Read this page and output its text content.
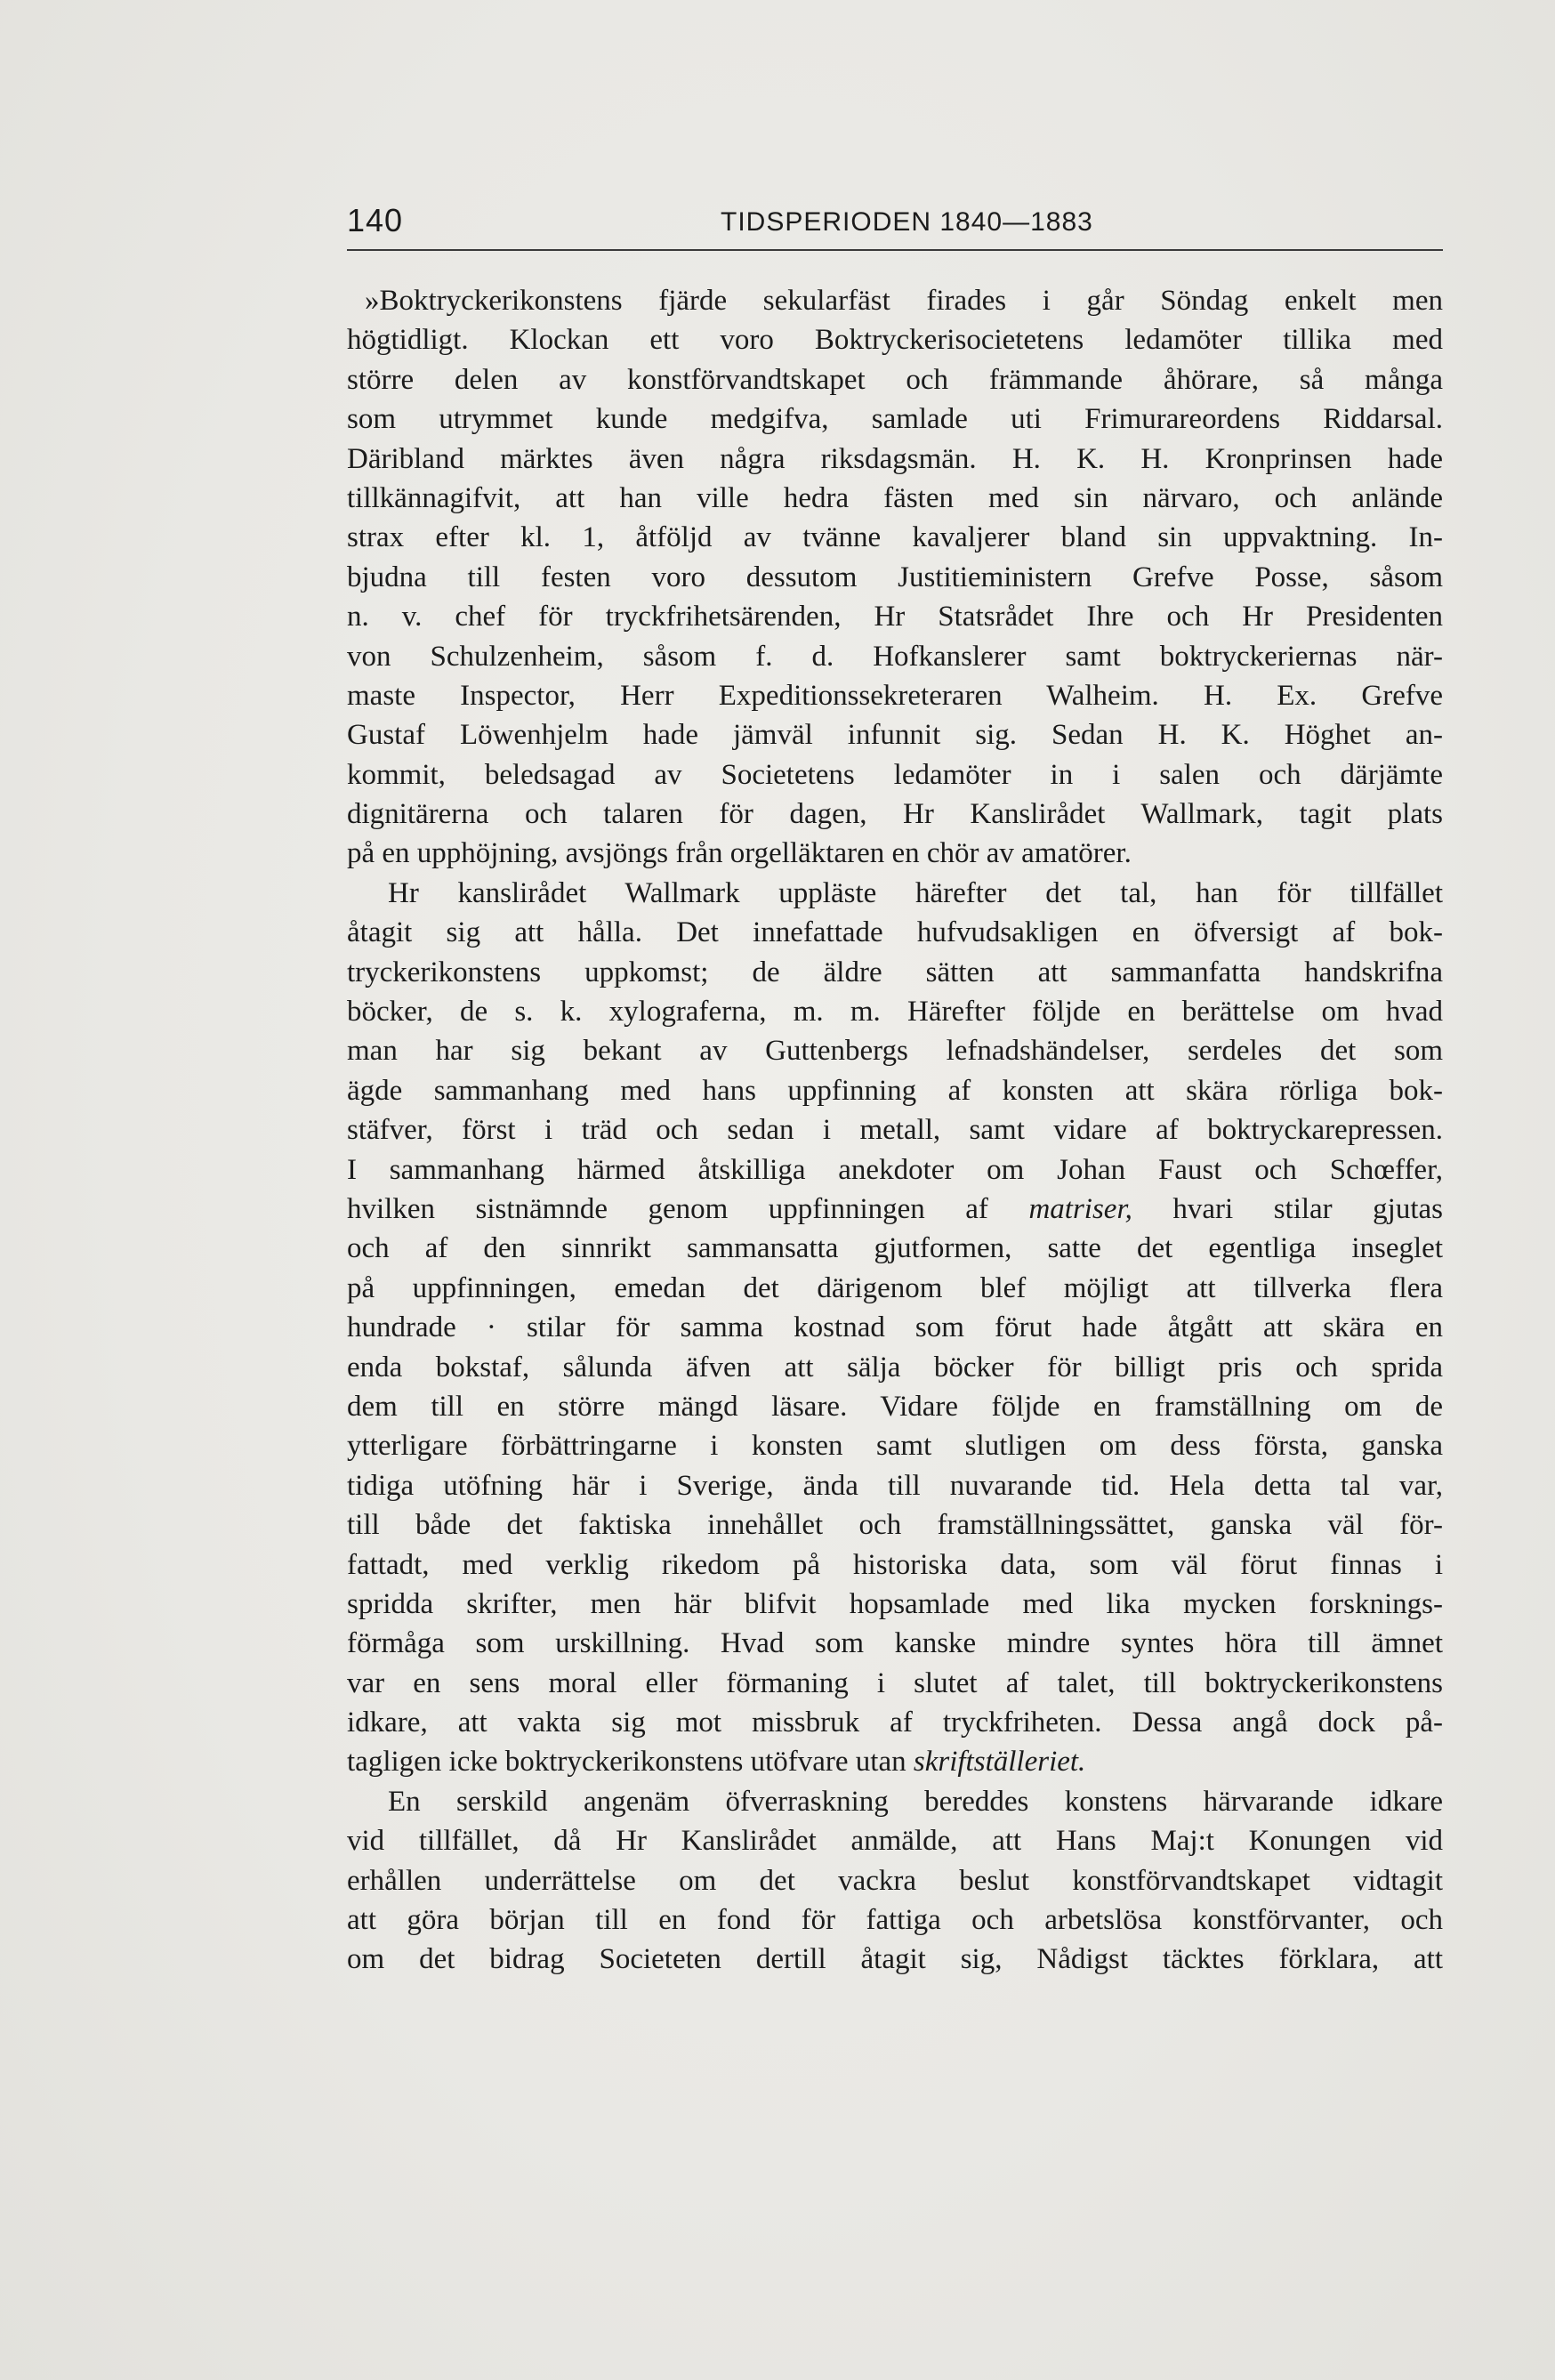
140	TIDSPERIODEN 1840—1883
»Boktryckerikonstens fjärde sekularfäst firades i går Söndag enkelt men
högtidligt. Klockan ett voro Boktryckerisocietetens ledamöter tillika med
större delen av konstförvandtskapet och främmande åhörare, så många
som utrymmet kunde medgifva, samlade uti Frimurareordens Riddarsal.
Däribland märktes även några riksdagsmän. H. K. H. Kronprinsen hade
tillkännagifvit, att han ville hedra fästen med sin närvaro, och anlände
strax efter kl. 1, åtföljd av tvänne kavaljerer bland sin uppvaktning. In-
bjudna till festen voro dessutom Justitieministern Grefve Posse, såsom
n. v. chef för tryckfrihetsärenden, Hr Statsrådet Ihre och Hr Presidenten
von Schulzenheim, såsom f. d. Hofkanslerer samt boktryckeriernas när-
maste Inspector, Herr Expeditionssekreteraren Walheim. H. Ex. Grefve
Gustaf Löwenhjelm hade jämväl infunnit sig. Sedan H. K. Höghet an-
kommit, beledsagad av Societetens ledamöter in i salen och därjämte
dignitärerna och talaren för dagen, Hr Kanslirådet Wallmark, tagit plats
på en upphöjning, avsjöngs från orgelläktaren en chör av amatörer.
Hr kanslirådet Wallmark uppläste härefter det tal, han för tillfället
åtagit sig att hålla. Det innefattade hufvudsakligen en öfversigt af bok-
tryckerikonstens uppkomst; de äldre sätten att sammanfatta handskrifna
böcker, de s. k. xylograferna, m. m. Härefter följde en berättelse om hvad
man har sig bekant av Guttenbergs lefnadshändelser, serdeles det som
ägde sammanhang med hans uppfinning af konsten att skära rörliga bok-
stäfver, först i träd och sedan i metall, samt vidare af boktryckarepressen.
I sammanhang härmed åtskilliga anekdoter om Johan Faust och Schœffer,
hvilken sistnämnde genom uppfinningen af matriser, hvari stilar gjutas
och af den sinnrikt sammansatta gjutformen, satte det egentliga inseglet
på uppfinningen, emedan det därigenom blef möjligt att tillverka flera
hundrade · stilar för samma kostnad som förut hade åtgått att skära en
enda bokstaf, sålunda äfven att sälja böcker för billigt pris och sprida
dem till en större mängd läsare. Vidare följde en framställning om de
ytterligare förbättringarne i konsten samt slutligen om dess första, ganska
tidiga utöfning här i Sverige, ända till nuvarande tid. Hela detta tal var,
till både det faktiska innehållet och framställningssättet, ganska väl för-
fattadt, med verklig rikedom på historiska data, som väl förut finnas i
spridda skrifter, men här blifvit hopsamlade med lika mycken forsknings-
förmåga som urskillning. Hvad som kanske mindre syntes höra till ämnet
var en sens moral eller förmaning i slutet af talet, till boktryckerikonstens
idkare, att vakta sig mot missbruk af tryckfriheten. Dessa angå dock på-
tagligen icke boktryckerikonstens utöfvare utan skriftställeriet.
En serskild angenäm öfverraskning bereddes konstens härvarande idkare
vid tillfället, då Hr Kanslirådet anmälde, att Hans Maj:t Konungen vid
erhållen underrättelse om det vackra beslut konstförvandtskapet vidtagit
att göra början till en fond för fattiga och arbetslösa konstförvanter, och
om det bidrag Societeten dertill åtagit sig, Nådigst täcktes förklara, att
